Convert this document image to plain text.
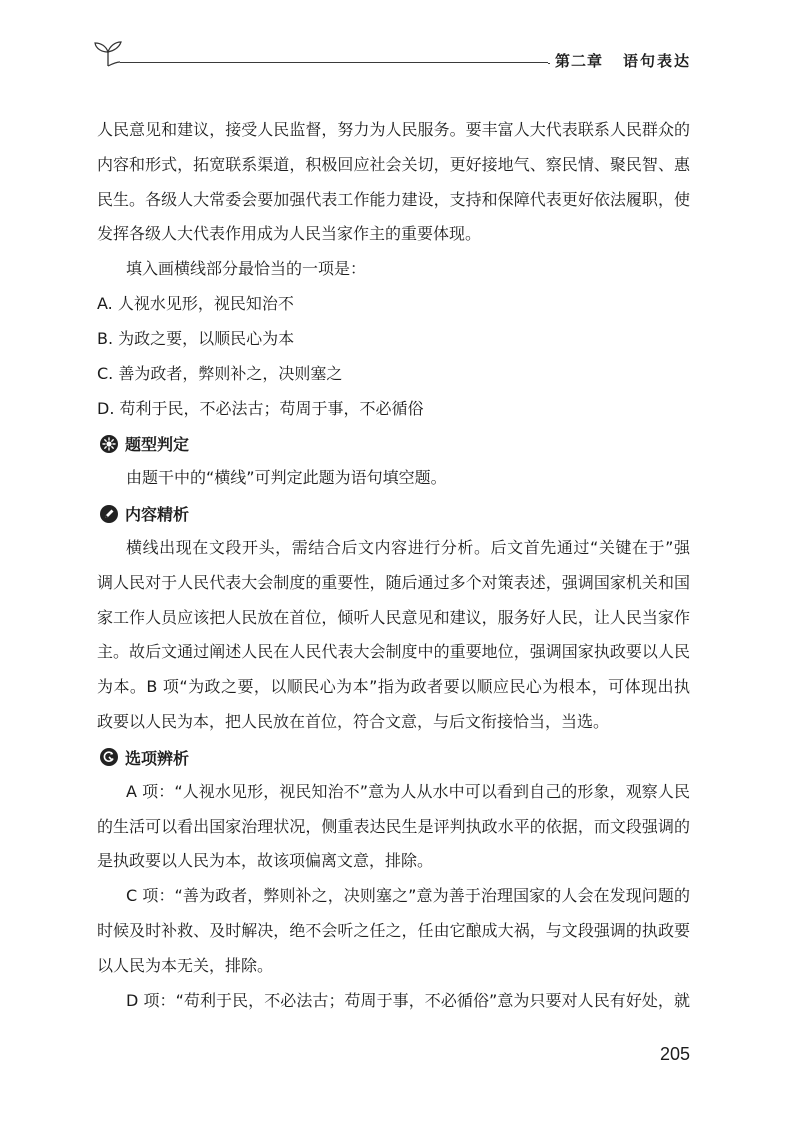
第二章 语句表达
人民意见和建议，接受人民监督，努力为人民服务。要丰富人大代表联系人民群众的
内容和形式，拓宽联系渠道，积极回应社会关切，更好接地气、察民情、聚民智、惠
民生。各级人大常委会要加强代表工作能力建设，支持和保障代表更好依法履职，使
发挥各级人大代表作用成为人民当家作主的重要体现。
填入画横线部分最恰当的一项是：
A. 人视水见形，视民知治不
B. 为政之要，以顺民心为本
C. 善为政者，弊则补之，决则塞之
D. 苟利于民，不必法古；苟周于事，不必循俗
题型判定
由题干中的“横线”可判定此题为语句填空题。
内容精析
横线出现在文段开头，需结合后文内容进行分析。后文首先通过“关键在于”强
调人民对于人民代表大会制度的重要性，随后通过多个对策表述，强调国家机关和国
家工作人员应该把人民放在首位，倾听人民意见和建议，服务好人民，让人民当家作
主。故后文通过阐述人民在人民代表大会制度中的重要地位，强调国家执政要以人民
为本。B 项“为政之要，以顺民心为本”指为政者要以顺应民心为根本，可体现出执
政要以人民为本，把人民放在首位，符合文意，与后文衔接恰当，当选。
选项辨析
A 项：“人视水见形，视民知治不”意为人从水中可以看到自己的形象，观察人民
的生活可以看出国家治理状况，侧重表达民生是评判执政水平的依据，而文段强调的
是执政要以人民为本，故该项偏离文意，排除。
C 项：“善为政者，弊则补之，决则塞之”意为善于治理国家的人会在发现问题的
时候及时补救、及时解决，绝不会听之任之，任由它酿成大祸，与文段强调的执政要
以人民为本无关，排除。
D 项：“苟利于民，不必法古；苟周于事，不必循俗”意为只要对人民有好处，就
205
